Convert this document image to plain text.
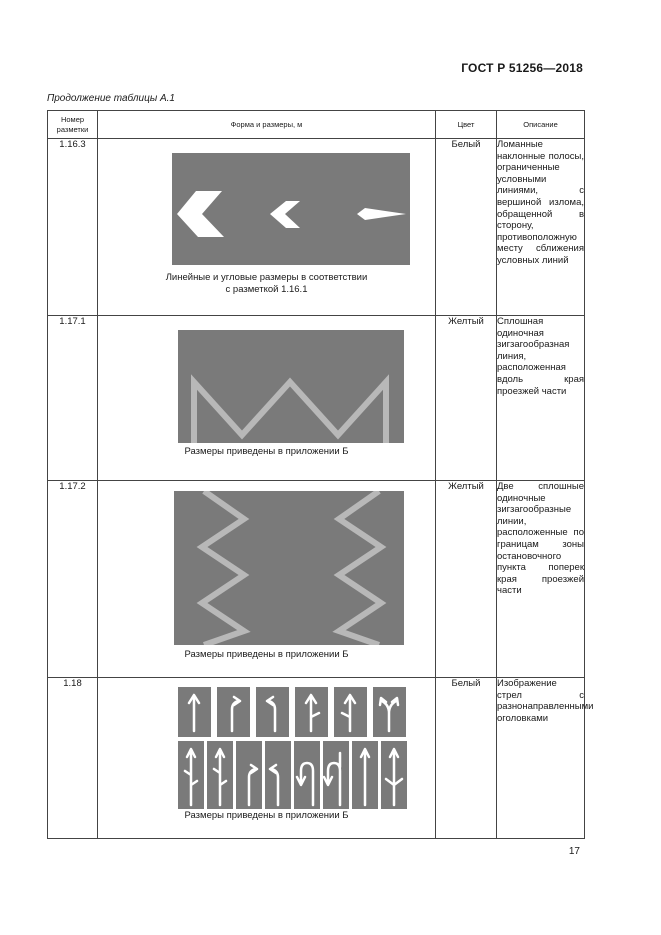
ГОСТ Р 51256—2018
Продолжение таблицы А.1
Номер
разметки	Форма и размеры, м	Цвет	Описание
1.16.3	Линейные и угловые размеры в соответствии
с разметкой 1.16.1	Белый	Ломанные наклонные полосы, ограниченные условными линиями, с вершиной излома, обращенной в сторону, противоположную месту сближения условных линий
1.17.1	Размеры приведены в приложении Б	Желтый	Сплошная одиночная зигзагообразная линия, расположенная вдоль края проезжей части
1.17.2	Размеры приведены в приложении Б	Желтый	Две сплошные одиночные зигзагообразные линии, расположенные по границам зоны остановочного пункта поперек края проезжей части
1.18	Размеры приведены в приложении Б	Белый	Изображение стрел с разнонаправленными оголовками
17
